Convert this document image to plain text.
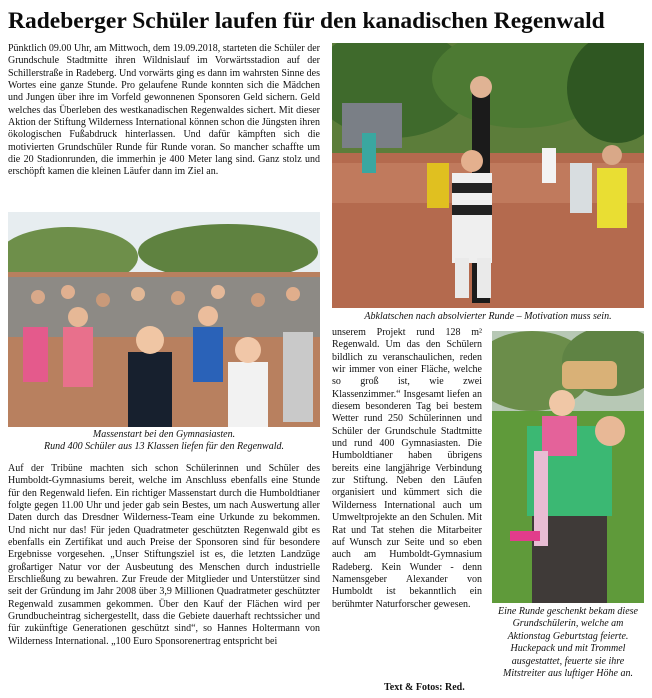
Radeberger Schüler laufen für den kanadischen Regenwald

Pünktlich 09.00 Uhr, am Mittwoch, dem 19.09.2018, starteten die Schüler der Grundschule Stadtmitte ihren Wildnislauf im Vorwärtsstadion auf der Schillerstraße in Radeberg. Und vorwärts ging es dann im wahrsten Sinne des Wortes eine ganze Stunde. Pro gelaufene Runde konnten sich die Mädchen und Jungen über ihre im Vorfeld gewonnenen Sponsoren Geld sichern. Geld welches das Überleben des westkanadischen Regenwaldes sichert. Mit dieser Aktion der Stiftung Wilderness International können schon die Jüngsten ihren ökologischen Fußabdruck hinterlassen. Und dafür kämpften sich die motivierten Grundschüler Runde für Runde voran. So mancher schaffte um die 20 Stadionrunden, die immerhin je 400 Meter lang sind. Ganz stolz und erschöpft kamen die kleinen Läufer dann im Ziel an.

Abklatschen nach absolvierter Runde – Motivation muss sein.

Massenstart bei den Gymnasiasten.

Rund 400 Schüler aus 13 Klassen liefen für den Regenwald.

Auf der Tribüne machten sich schon Schülerinnen und Schüler des Humboldt-Gymnasiums bereit, welche im Anschluss ebenfalls eine Stunde für den Regenwald liefen. Ein richtiger Massenstart durch die Humboldtianer folgte gegen 11.00 Uhr und jeder gab sein Bestes, um nach Auswertung aller Daten durch das Dresdner Wilderness-Team eine Urkunde zu bekommen. Und nicht nur das! Für jeden Quadratmeter geschützten Regenwald gibt es ebenfalls ein Zertifikat und auch Preise der Sponsoren sind für besondere Ergebnisse vorgesehen. „Unser Stiftungsziel ist es, die letzten Landzüge großartiger Natur vor der Ausbeutung des Menschen durch industrielle Erschließung zu bewahren. Zur Freude der Mitglieder und Unterstützer sind seit der Gründung im Jahr 2008 über 3,9 Millionen Quadratmeter geschützter Regenwald zusammen gekommen. Über den Kauf der Flächen wird per Grundbucheintrag sichergestellt, dass die Gebiete dauerhaft rechtssicher und für zukünftige Generationen geschützt sind“, so Hannes Holtermann von Wilderness International. „100 Euro Sponsorenertrag entspricht bei

unserem Projekt rund 128 m² Regenwald. Um das den Schülern bildlich zu veranschaulichen, reden wir immer von einer Fläche, welche so groß ist, wie zwei Klassenzimmer.“ Insgesamt liefen an diesem besonderen Tag bei bestem Wetter rund 250 Schülerinnen und Schüler der Grundschule Stadtmitte und rund 400 Gymnasiasten. Die Humboldtianer haben übrigens bereits eine langjährige Verbindung zur Stiftung. Neben den Läufen organisiert und kümmert sich die Wilderness International auch um Umweltprojekte an den Schulen. Mit Rat und Tat stehen die Mitarbeiter auf Wunsch zur Seite und so eben auch am Humboldt-Gymnasium Radeberg. Kein Wunder - denn Namensgeber Alexander von Humboldt ist bekanntlich ein berühmter Naturforscher gewesen.

Eine Runde geschenkt bekam diese Grundschülerin, welche am Aktionstag Geburtstag feierte. Huckepack und mit Trommel ausgestattet, feuerte sie ihre Mitstreiter aus luftiger Höhe an.

Text & Fotos: Red.
